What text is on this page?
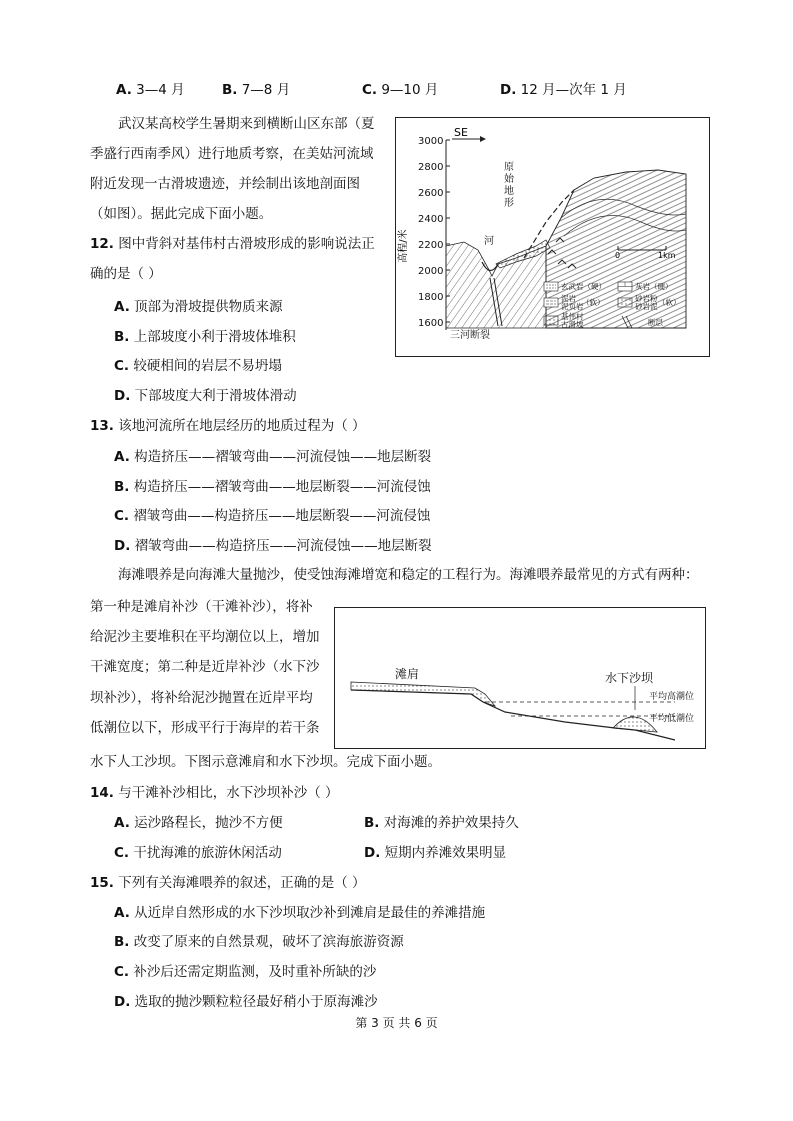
A. 3—4 月	B. 7—8 月	C. 9—10 月	D. 12 月—次年 1 月
武汉某高校学生暑期来到横断山区东部（夏
季盛行西南季风）进行地质考察，在美姑河流域
附近发现一古滑坡遗迹，并绘制出该地剖面图
（如图）。据此完成下面小题。
12. 图中背斜对基伟村古滑坡形成的影响说法正
确的是（ ）
A. 顶部为滑坡提供物质来源
B. 上部坡度小利于滑坡体堆积
C. 较硬相间的岩层不易坍塌
D. 下部坡度大利于滑坡体滑动
3000
2800
2600
2400
2200
2000
1800
1600
高程/米
SE
原
始
地
形
河
三河断裂
0	1km
玄武岩（硬）	灰岩（硬）
泥岩
泥页岩
（软）	砂岩粉
砂岩泥 （软）
基伟村
古滑坡	断层
13. 该地河流所在地层经历的地质过程为（ ）
A. 构造挤压——褶皱弯曲——河流侵蚀——地层断裂
B. 构造挤压——褶皱弯曲——地层断裂——河流侵蚀
C. 褶皱弯曲——构造挤压——地层断裂——河流侵蚀
D. 褶皱弯曲——构造挤压——河流侵蚀——地层断裂
海滩喂养是向海滩大量抛沙，使受蚀海滩增宽和稳定的工程行为。海滩喂养最常见的方式有两种：
第一种是滩肩补沙（干滩补沙），将补
给泥沙主要堆积在平均潮位以上，增加
干滩宽度；第二种是近岸补沙（水下沙
坝补沙），将补给泥沙抛置在近岸平均
低潮位以下，形成平行于海岸的若干条
水下人工沙坝。下图示意滩肩和水下沙坝。完成下面小题。
滩肩	水下沙坝
平均高潮位
平均低潮位
14. 与干滩补沙相比，水下沙坝补沙（ ）
A. 运沙路程长，抛沙不方便	B. 对海滩的养护效果持久
C. 干扰海滩的旅游休闲活动	D. 短期内养滩效果明显
15. 下列有关海滩喂养的叙述，正确的是（ ）
A. 从近岸自然形成的水下沙坝取沙补到滩肩是最佳的养滩措施
B. 改变了原来的自然景观，破坏了滨海旅游资源
C. 补沙后还需定期监测，及时重补所缺的沙
D. 选取的抛沙颗粒粒径最好稍小于原海滩沙
第 3 页 共 6 页
